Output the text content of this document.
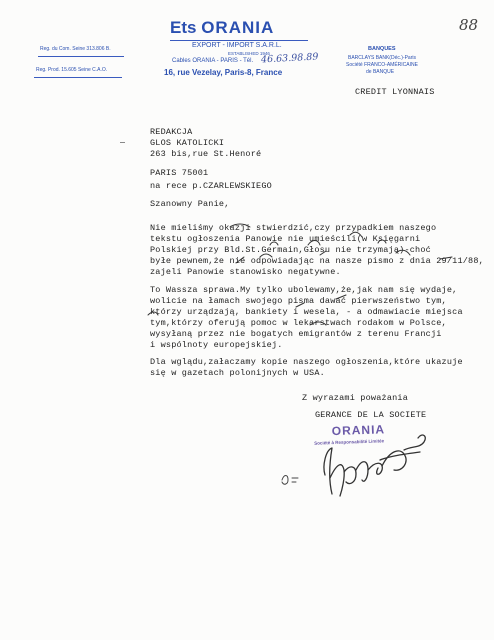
Ets ORANIA
EXPORT - IMPORT S.A.R.L.
ESTABLISHED 1946
Cables ORANIA - PARIS - Tél. 46.63.98.89
16, rue Vezelay, Paris-8, France
Reg. du Com. Seine 313.806 B.
Reg. Prod. 15.605 Seine C.A.O.
BANQUES
BARCLAYS BANK(Déc.)-Paris
Société FRANCO-AMÉRICAINE
de BANQUE
CREDIT LYONNAIS
88
REDAKCJA
GLOS KATOLICKI
263 bis,rue St.Henoré
PARIS 75001
na rece p.CZARLEWSKIEGO
Szanowny Panie,
Nie mieliśmy okazji stwierdzić,czy przypadkiem naszego
tekstu ogłoszenia Panowie nie umieścili(w Księgarni
Polskiej przy Bld.St.Germain,Głosu nie trzymają)-choć
byłe pewnem,że nie odpowiadając na nasze pismo z dnia 29/11/88,
zajeli Panowie stanowisko negatywne.
To Wassza sprawa.My tylko ubolewamy,że,jak nam się wydaje,
wolicie na łamach swojego pisma dawać pierwszeństwo tym,
którzy urządzają, bankiety i wesela, - a odmawiacie miejsca
tym,którzy oferują pomoc w lekarstwach rodakom w Polsce,
wysyłaną przez nie bogatych emigrantów z terenu Francji
i wspólnoty europejskiej.
Dla wglądu,załaczamy kopie naszego ogłoszenia,które ukazuje
się w gazetach polonijnych w USA.
Z wyrazami poważania
GERANCE DE LA SOCIETE
ORANIA
Société à Responsabilité Limitée
